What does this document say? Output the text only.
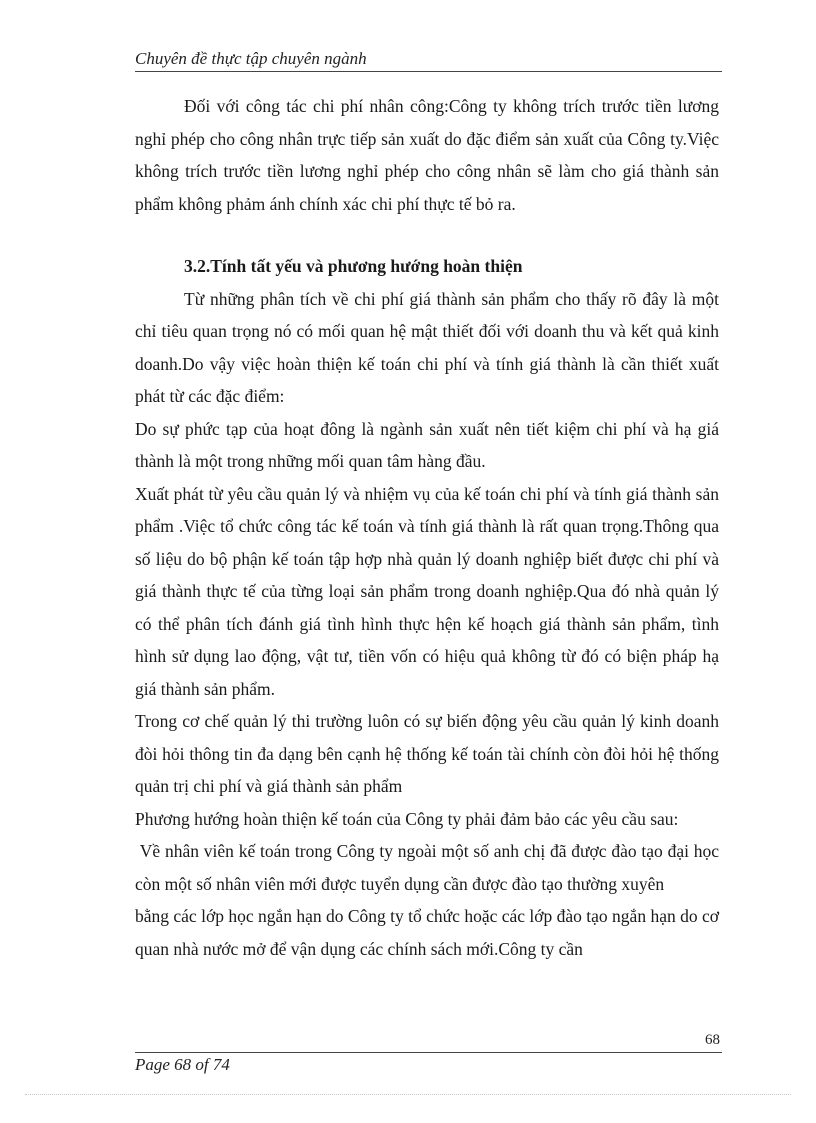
Chuyên đề thực tập chuyên ngành

Đối với công tác chi phí nhân công:Công ty không trích trước tiền lương nghỉ phép cho công nhân trực tiếp sản xuất do đặc điểm sản xuất của Công ty.Việc không trích trước tiền lương nghỉ phép cho công nhân sẽ làm cho giá thành sản phẩm không phảm ánh chính xác chi phí thực tế bỏ ra.

3.2.Tính tất yếu và phương hướng hoàn thiện

Từ những phân tích về chi phí giá thành sản phẩm cho thấy rõ đây là một chỉ tiêu quan trọng nó có mối quan hệ mật thiết đối với doanh thu và kết quả kinh doanh.Do vậy việc hoàn thiện kế toán chi phí và tính giá thành là cần thiết xuất phát từ các đặc điểm:

Do sự phức tạp của hoạt đông là ngành sản xuất nên tiết kiệm chi phí và hạ giá thành là một trong những mối quan tâm hàng đầu.

Xuất phát từ yêu cầu quản lý và nhiệm vụ của kế toán chi phí và tính giá thành sản phẩm .Việc tổ chức công tác kế toán và tính giá thành là rất quan trọng.Thông qua số liệu do bộ phận kế toán tập hợp nhà quản lý doanh nghiệp biết được chi phí và giá thành thực tế của từng loại sản phẩm trong doanh nghiệp.Qua đó nhà quản lý có thể phân tích đánh giá tình hình thực hện kế hoạch giá thành sản phẩm, tình hình sử dụng lao động, vật tư, tiền vốn có hiệu quả không từ đó có biện pháp hạ giá thành sản phẩm.

Trong cơ chế quản lý thi trường luôn có sự biến động yêu cầu quản lý kinh doanh đòi hỏi thông tin đa dạng bên cạnh hệ thống kế toán tài chính còn đòi hỏi hệ thống quản trị chi phí và giá thành sản phẩm

Phương hướng hoàn thiện kế toán của Công ty phải đảm bảo các yêu cầu sau:

Về nhân viên kế toán trong Công ty ngoài một số anh chị đã được đào tạo đại học còn một số nhân viên mới được tuyển dụng cần được đào tạo thường xuyên

bằng các lớp học ngắn hạn do Công ty tổ chức hoặc các lớp đào tạo ngắn hạn do cơ quan nhà nước mở để vận dụng các chính sách mới.Công ty cần

68
Page 68 of 74
